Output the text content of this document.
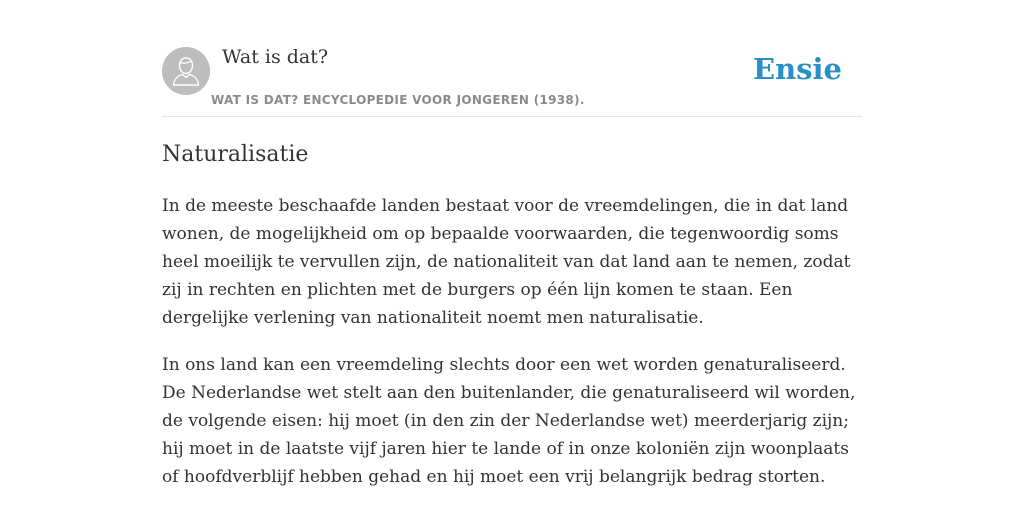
Wat is dat?
WAT IS DAT? ENCYCLOPEDIE VOOR JONGEREN (1938).
Ensie
Naturalisatie

In de meeste beschaafde landen bestaat voor de vreemdelingen, die in dat land
wonen, de mogelijkheid om op bepaalde voorwaarden, die tegenwoordig soms
heel moeilijk te vervullen zijn, de nationaliteit van dat land aan te nemen, zodat
zij in rechten en plichten met de burgers op één lijn komen te staan. Een
dergelijke verlening van nationaliteit noemt men naturalisatie.

In ons land kan een vreemdeling slechts door een wet worden genaturaliseerd.
De Nederlandse wet stelt aan den buitenlander, die genaturaliseerd wil worden,
de volgende eisen: hij moet (in den zin der Nederlandse wet) meerderjarig zijn;
hij moet in de laatste vijf jaren hier te lande of in onze koloniën zijn woonplaats
of hoofdverblijf hebben gehad en hij moet een vrij belangrijk bedrag storten.
